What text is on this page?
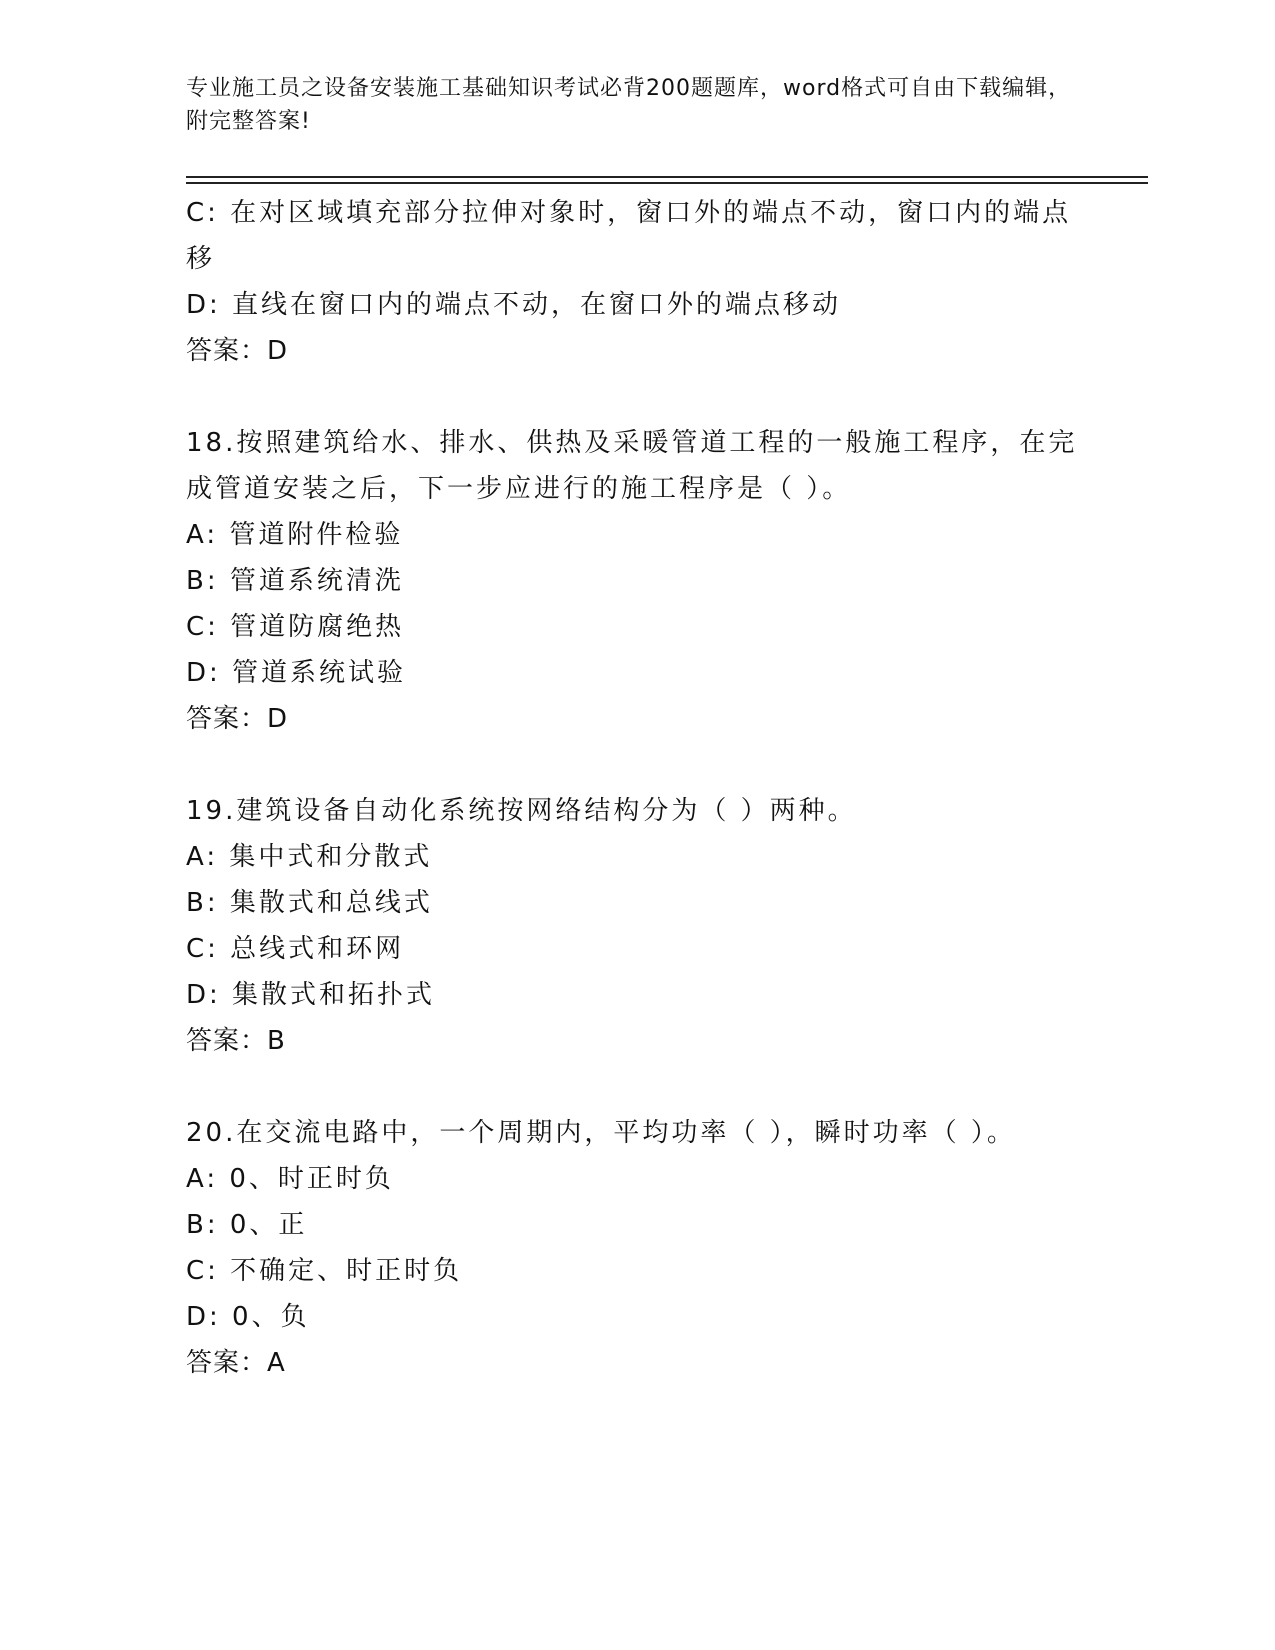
专业施工员之设备安装施工基础知识考试必背200题题库，word格式可自由下载编辑，附完整答案!
C: 在对区域填充部分拉伸对象时，窗口外的端点不动，窗口内的端点移
D: 直线在窗口内的端点不动，在窗口外的端点移动
答案：D
18.按照建筑给水、排水、供热及采暖管道工程的一般施工程序，在完成管道安装之后，下一步应进行的施工程序是（ ）。
A: 管道附件检验
B: 管道系统清洗
C: 管道防腐绝热
D: 管道系统试验
答案：D
19.建筑设备自动化系统按网络结构分为（ ）两种。
A: 集中式和分散式
B: 集散式和总线式
C: 总线式和环网
D: 集散式和拓扑式
答案：B
20.在交流电路中，一个周期内，平均功率（ ），瞬时功率（ ）。
A: 0、时正时负
B: 0、正
C: 不确定、时正时负
D: 0、负
答案：A
